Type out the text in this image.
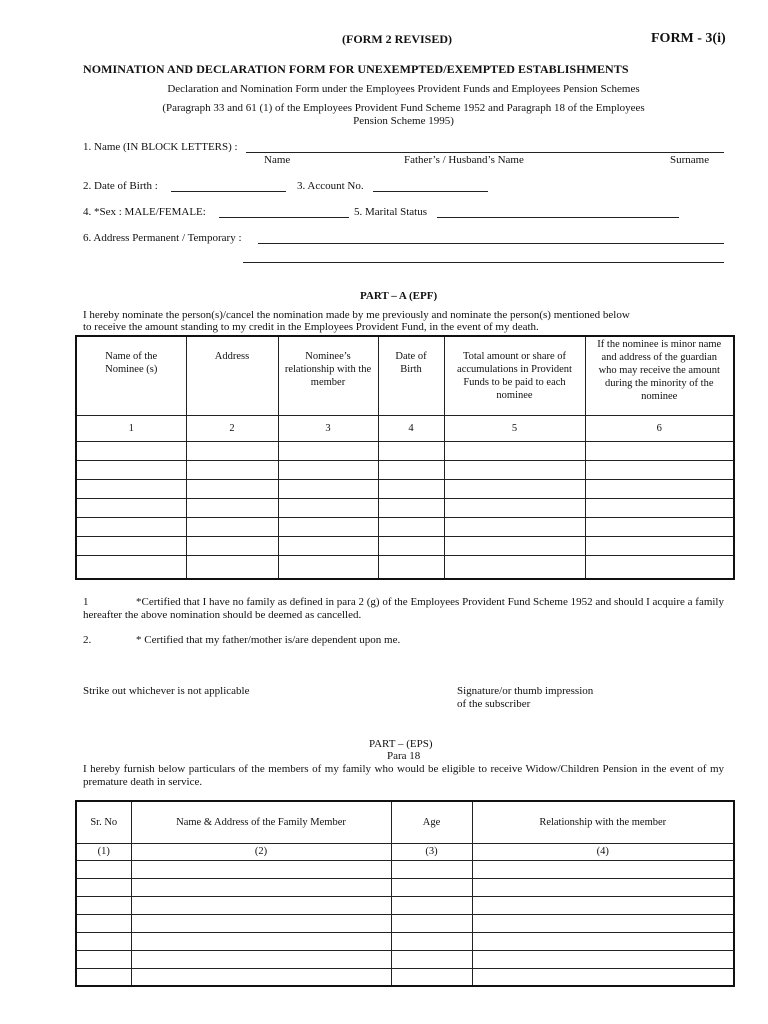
(FORM 2 REVISED)	FORM - 3(i)
NOMINATION AND DECLARATION FORM FOR UNEXEMPTED/EXEMPTED ESTABLISHMENTS
Declaration and Nomination Form under the Employees Provident Funds and Employees Pension Schemes
(Paragraph 33 and 61 (1) of the Employees Provident Fund Scheme 1952 and Paragraph 18 of the Employees
Pension Scheme 1995)
1. Name (IN BLOCK LETTERS) :
Name	Father’s / Husband’s Name	Surname
2. Date of Birth :	3. Account No.
4. *Sex : MALE/FEMALE:	5. Marital Status
6. Address Permanent / Temporary :
PART – A (EPF)
I hereby nominate the person(s)/cancel the nomination made by me previously and nominate the person(s) mentioned below
to receive the amount standing to my credit in the Employees Provident Fund, in the event of my death.
Name of the Nominee (s)	Address	Nominee’s relationship with the member	Date of Birth	Total amount or share of accumulations in Provident Funds to be paid to each nominee	If the nominee is minor name and address of the guardian who may receive the amount during the minority of the nominee

1	2	3	4	5	6

1	*Certified that I have no family as defined in para 2 (g) of the Employees Provident Fund Scheme 1952 and should I acquire a family hereafter the above nomination should be deemed as cancelled.
2.	* Certified that my father/mother is/are dependent upon me.
Strike out whichever is not applicable	Signature/or thumb impression
of the subscriber
PART – (EPS)
Para 18
I hereby furnish below particulars of the members of my family who would be eligible to receive Widow/Children Pension in the event of my premature death in service.
Sr. No	Name & Address of the Family Member	Age	Relationship with the member
(1)	(2)	(3)	(4)
